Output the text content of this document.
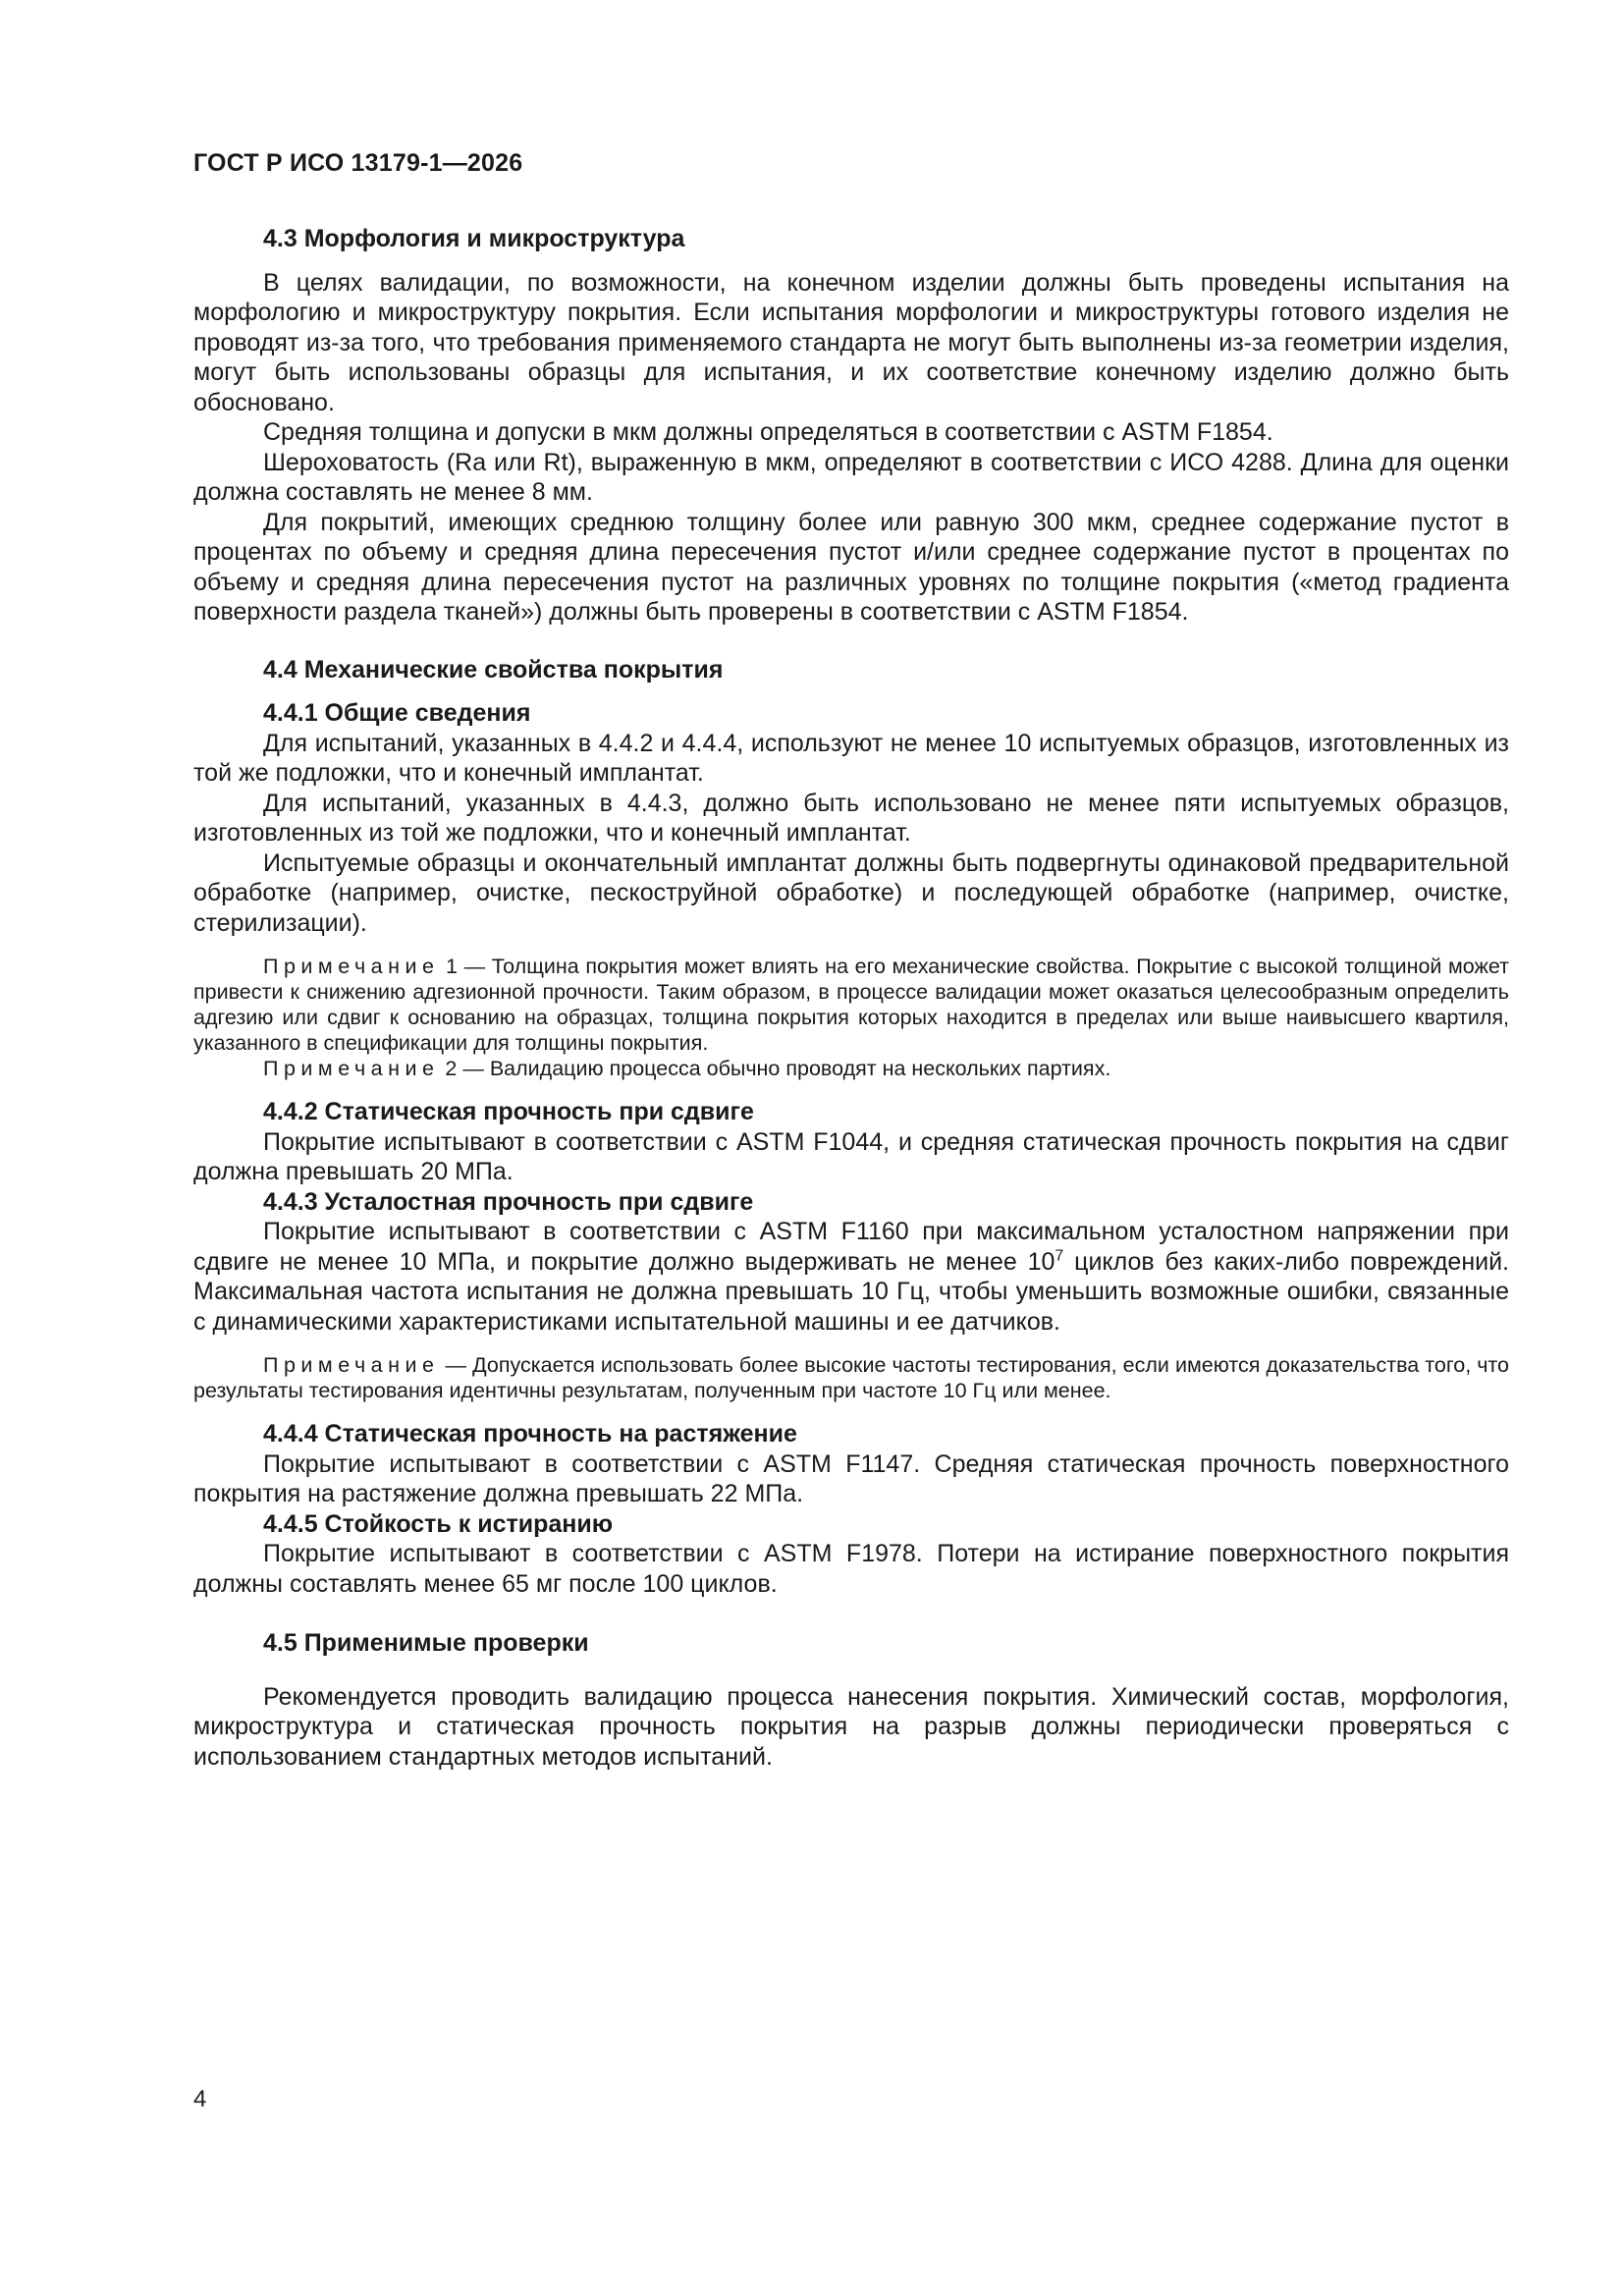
ГОСТ Р ИСО 13179-1—2026
4.3 Морфология и микроструктура

В целях валидации, по возможности, на конечном изделии должны быть проведены испытания на морфологию и микроструктуру покрытия. Если испытания морфологии и микроструктуры готового изделия не проводят из-за того, что требования применяемого стандарта не могут быть выполнены из-за геометрии изделия, могут быть использованы образцы для испытания, и их соответствие конечному изделию должно быть обосновано.

Средняя толщина и допуски в мкм должны определяться в соответствии с ASTM F1854.

Шероховатость (Ra или Rt), выраженную в мкм, определяют в соответствии с ИСО 4288. Длина для оценки должна составлять не менее 8 мм.

Для покрытий, имеющих среднюю толщину более или равную 300 мкм, среднее содержание пустот в процентах по объему и средняя длина пересечения пустот и/или среднее содержание пустот в процентах по объему и средняя длина пересечения пустот на различных уровнях по толщине покрытия («метод градиента поверхности раздела тканей») должны быть проверены в соответствии с ASTM F1854.

4.4 Механические свойства покрытия
4.4.1 Общие сведения

Для испытаний, указанных в 4.4.2 и 4.4.4, используют не менее 10 испытуемых образцов, изготовленных из той же подложки, что и конечный имплантат.

Для испытаний, указанных в 4.4.3, должно быть использовано не менее пяти испытуемых образцов, изготовленных из той же подложки, что и конечный имплантат.

Испытуемые образцы и окончательный имплантат должны быть подвергнуты одинаковой предварительной обработке (например, очистке, пескоструйной обработке) и последующей обработке (например, очистке, стерилизации).

Примечание 1 — Толщина покрытия может влиять на его механические свойства. Покрытие с высокой толщиной может привести к снижению адгезионной прочности. Таким образом, в процессе валидации может оказаться целесообразным определить адгезию или сдвиг к основанию на образцах, толщина покрытия которых находится в пределах или выше наивысшего квартиля, указанного в спецификации для толщины покрытия.

Примечание 2 — Валидацию процесса обычно проводят на нескольких партиях.

4.4.2 Статическая прочность при сдвиге

Покрытие испытывают в соответствии с ASTM F1044, и средняя статическая прочность покрытия на сдвиг должна превышать 20 МПа.

4.4.3 Усталостная прочность при сдвиге

Покрытие испытывают в соответствии с ASTM F1160 при максимальном усталостном напряжении при сдвиге не менее 10 МПа, и покрытие должно выдерживать не менее $10^7$ циклов без каких-либо повреждений. Максимальная частота испытания не должна превышать 10 Гц, чтобы уменьшить возможные ошибки, связанные с динамическими характеристиками испытательной машины и ее датчиков.

Примечание — Допускается использовать более высокие частоты тестирования, если имеются доказательства того, что результаты тестирования идентичны результатам, полученным при частоте 10 Гц или менее.

4.4.4 Статическая прочность на растяжение

Покрытие испытывают в соответствии с ASTM F1147. Средняя статическая прочность поверхностного покрытия на растяжение должна превышать 22 МПа.

4.4.5 Стойкость к истиранию

Покрытие испытывают в соответствии с ASTM F1978. Потери на истирание поверхностного покрытия должны составлять менее 65 мг после 100 циклов.

4.5 Применимые проверки

Рекомендуется проводить валидацию процесса нанесения покрытия. Химический состав, морфология, микроструктура и статическая прочность покрытия на разрыв должны периодически проверяться с использованием стандартных методов испытаний.

4
